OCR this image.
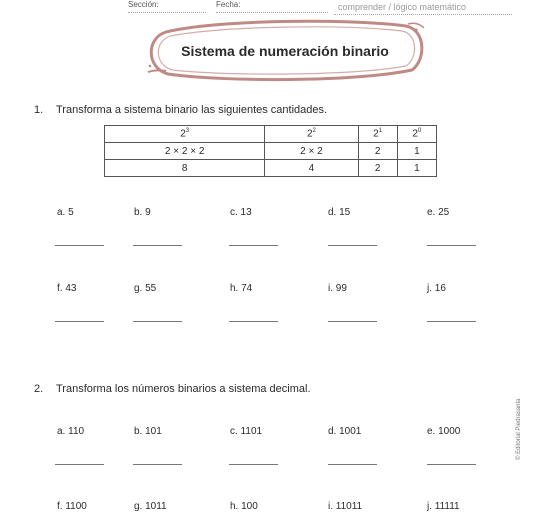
Sección:	Fecha:	comprender / lógico matemático
Sistema de numeración binario
1. Transforma a sistema binario las siguientes cantidades.
$2^3$	$2^2$	$2^1$	$2^0$
2 × 2 × 2	2 × 2	2	1
8	4	2	1
a. 5	b. 9	c. 13	d. 15	e. 25
f. 43	g. 55	h. 74	i. 99	j. 16
2. Transforma los números binarios a sistema decimal.
a. 110	b. 101	c. 1101	d. 1001	e. 1000
f. 1100	g. 1011	h. 100	i. 11011	j. 11111
© Editorial Piedrasanta
